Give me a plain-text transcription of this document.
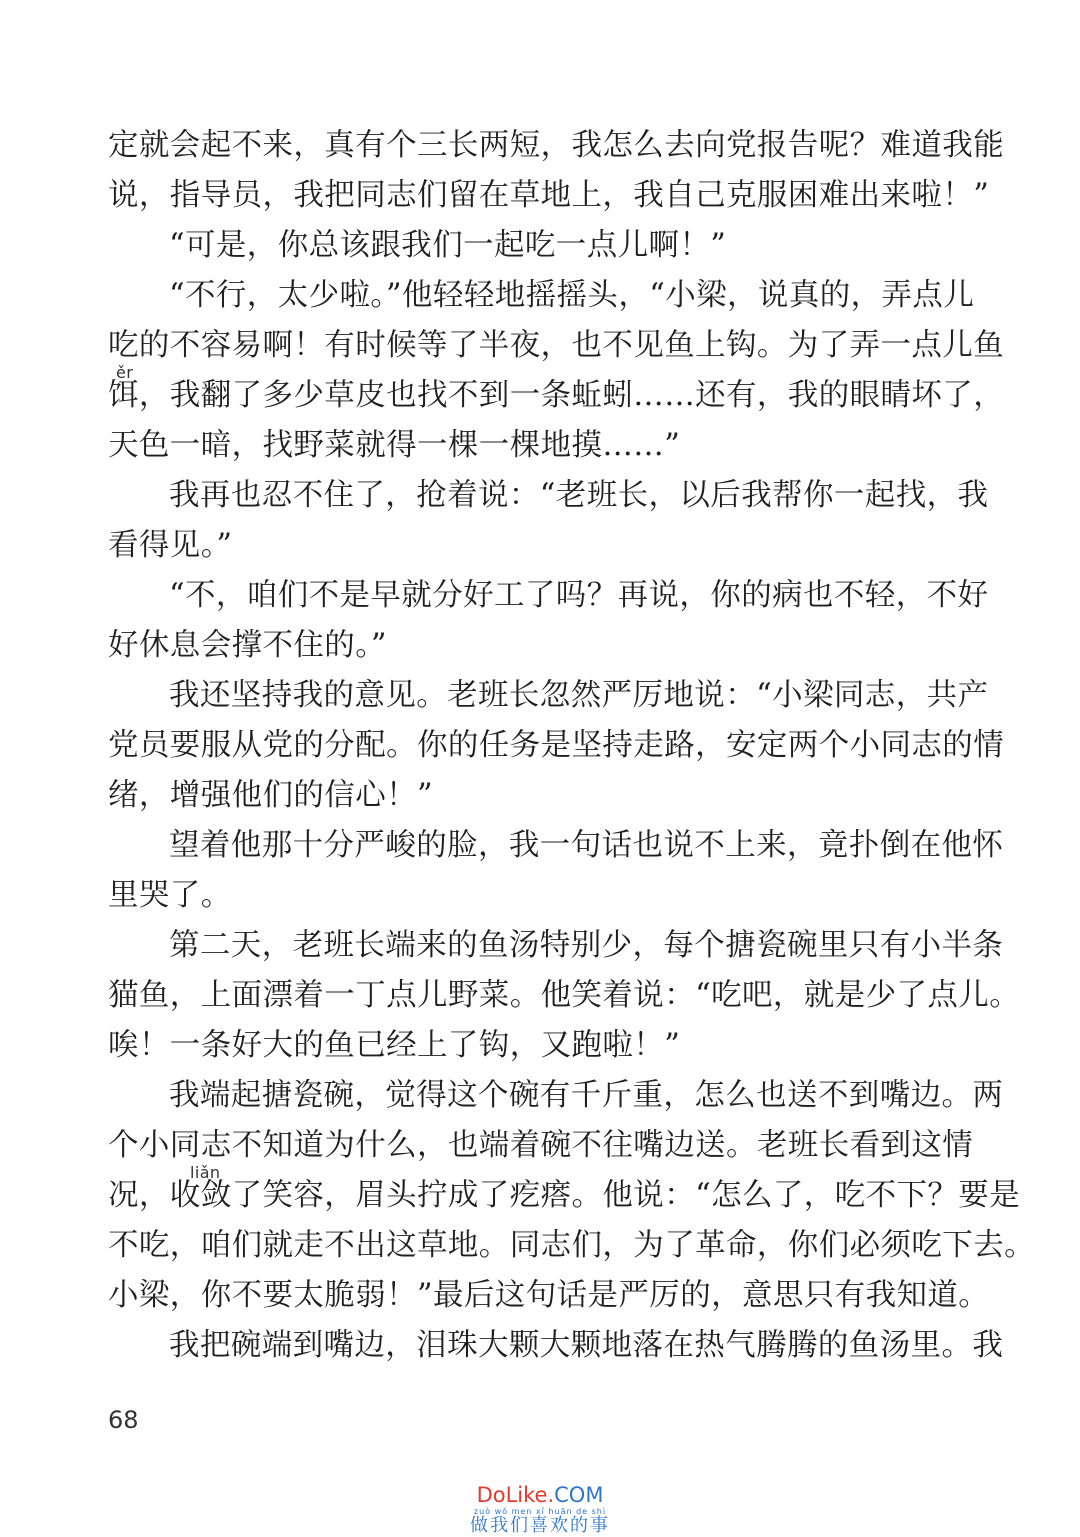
定就会起不来，真有个三长两短，我怎么去向党报告呢？难道我能
说，指导员，我把同志们留在草地上，我自己克服困难出来啦！”
“可是，你总该跟我们一起吃一点儿啊！”
“不行，太少啦。”他轻轻地摇摇头，“小梁，说真的，弄点儿
吃的不容易啊！有时候等了半夜，也不见鱼上钩。为了弄一点儿鱼
ěr
饵，我翻了多少草皮也找不到一条蚯蚓……还有，我的眼睛坏了，
天色一暗，找野菜就得一棵一棵地摸……”
我再也忍不住了，抢着说：“老班长，以后我帮你一起找，我
看得见。”
“不，咱们不是早就分好工了吗？再说，你的病也不轻，不好
好休息会撑不住的。”
我还坚持我的意见。老班长忽然严厉地说：“小梁同志，共产
党员要服从党的分配。你的任务是坚持走路，安定两个小同志的情
绪，增强他们的信心！”
望着他那十分严峻的脸，我一句话也说不上来，竟扑倒在他怀
里哭了。
第二天，老班长端来的鱼汤特别少，每个搪瓷碗里只有小半条
猫鱼，上面漂着一丁点儿野菜。他笑着说：“吃吧，就是少了点儿。
唉！一条好大的鱼已经上了钩，又跑啦！”
我端起搪瓷碗，觉得这个碗有千斤重，怎么也送不到嘴边。两
个小同志不知道为什么，也端着碗不往嘴边送。老班长看到这情
liǎn
况，收敛了笑容，眉头拧成了疙瘩。他说：“怎么了，吃不下？要是
不吃，咱们就走不出这草地。同志们，为了革命，你们必须吃下去。
小梁，你不要太脆弱！”最后这句话是严厉的，意思只有我知道。
我把碗端到嘴边，泪珠大颗大颗地落在热气腾腾的鱼汤里。我
68
DoLike.COM
zuò wǒ men xǐ huān de shì
做我们喜欢的事
